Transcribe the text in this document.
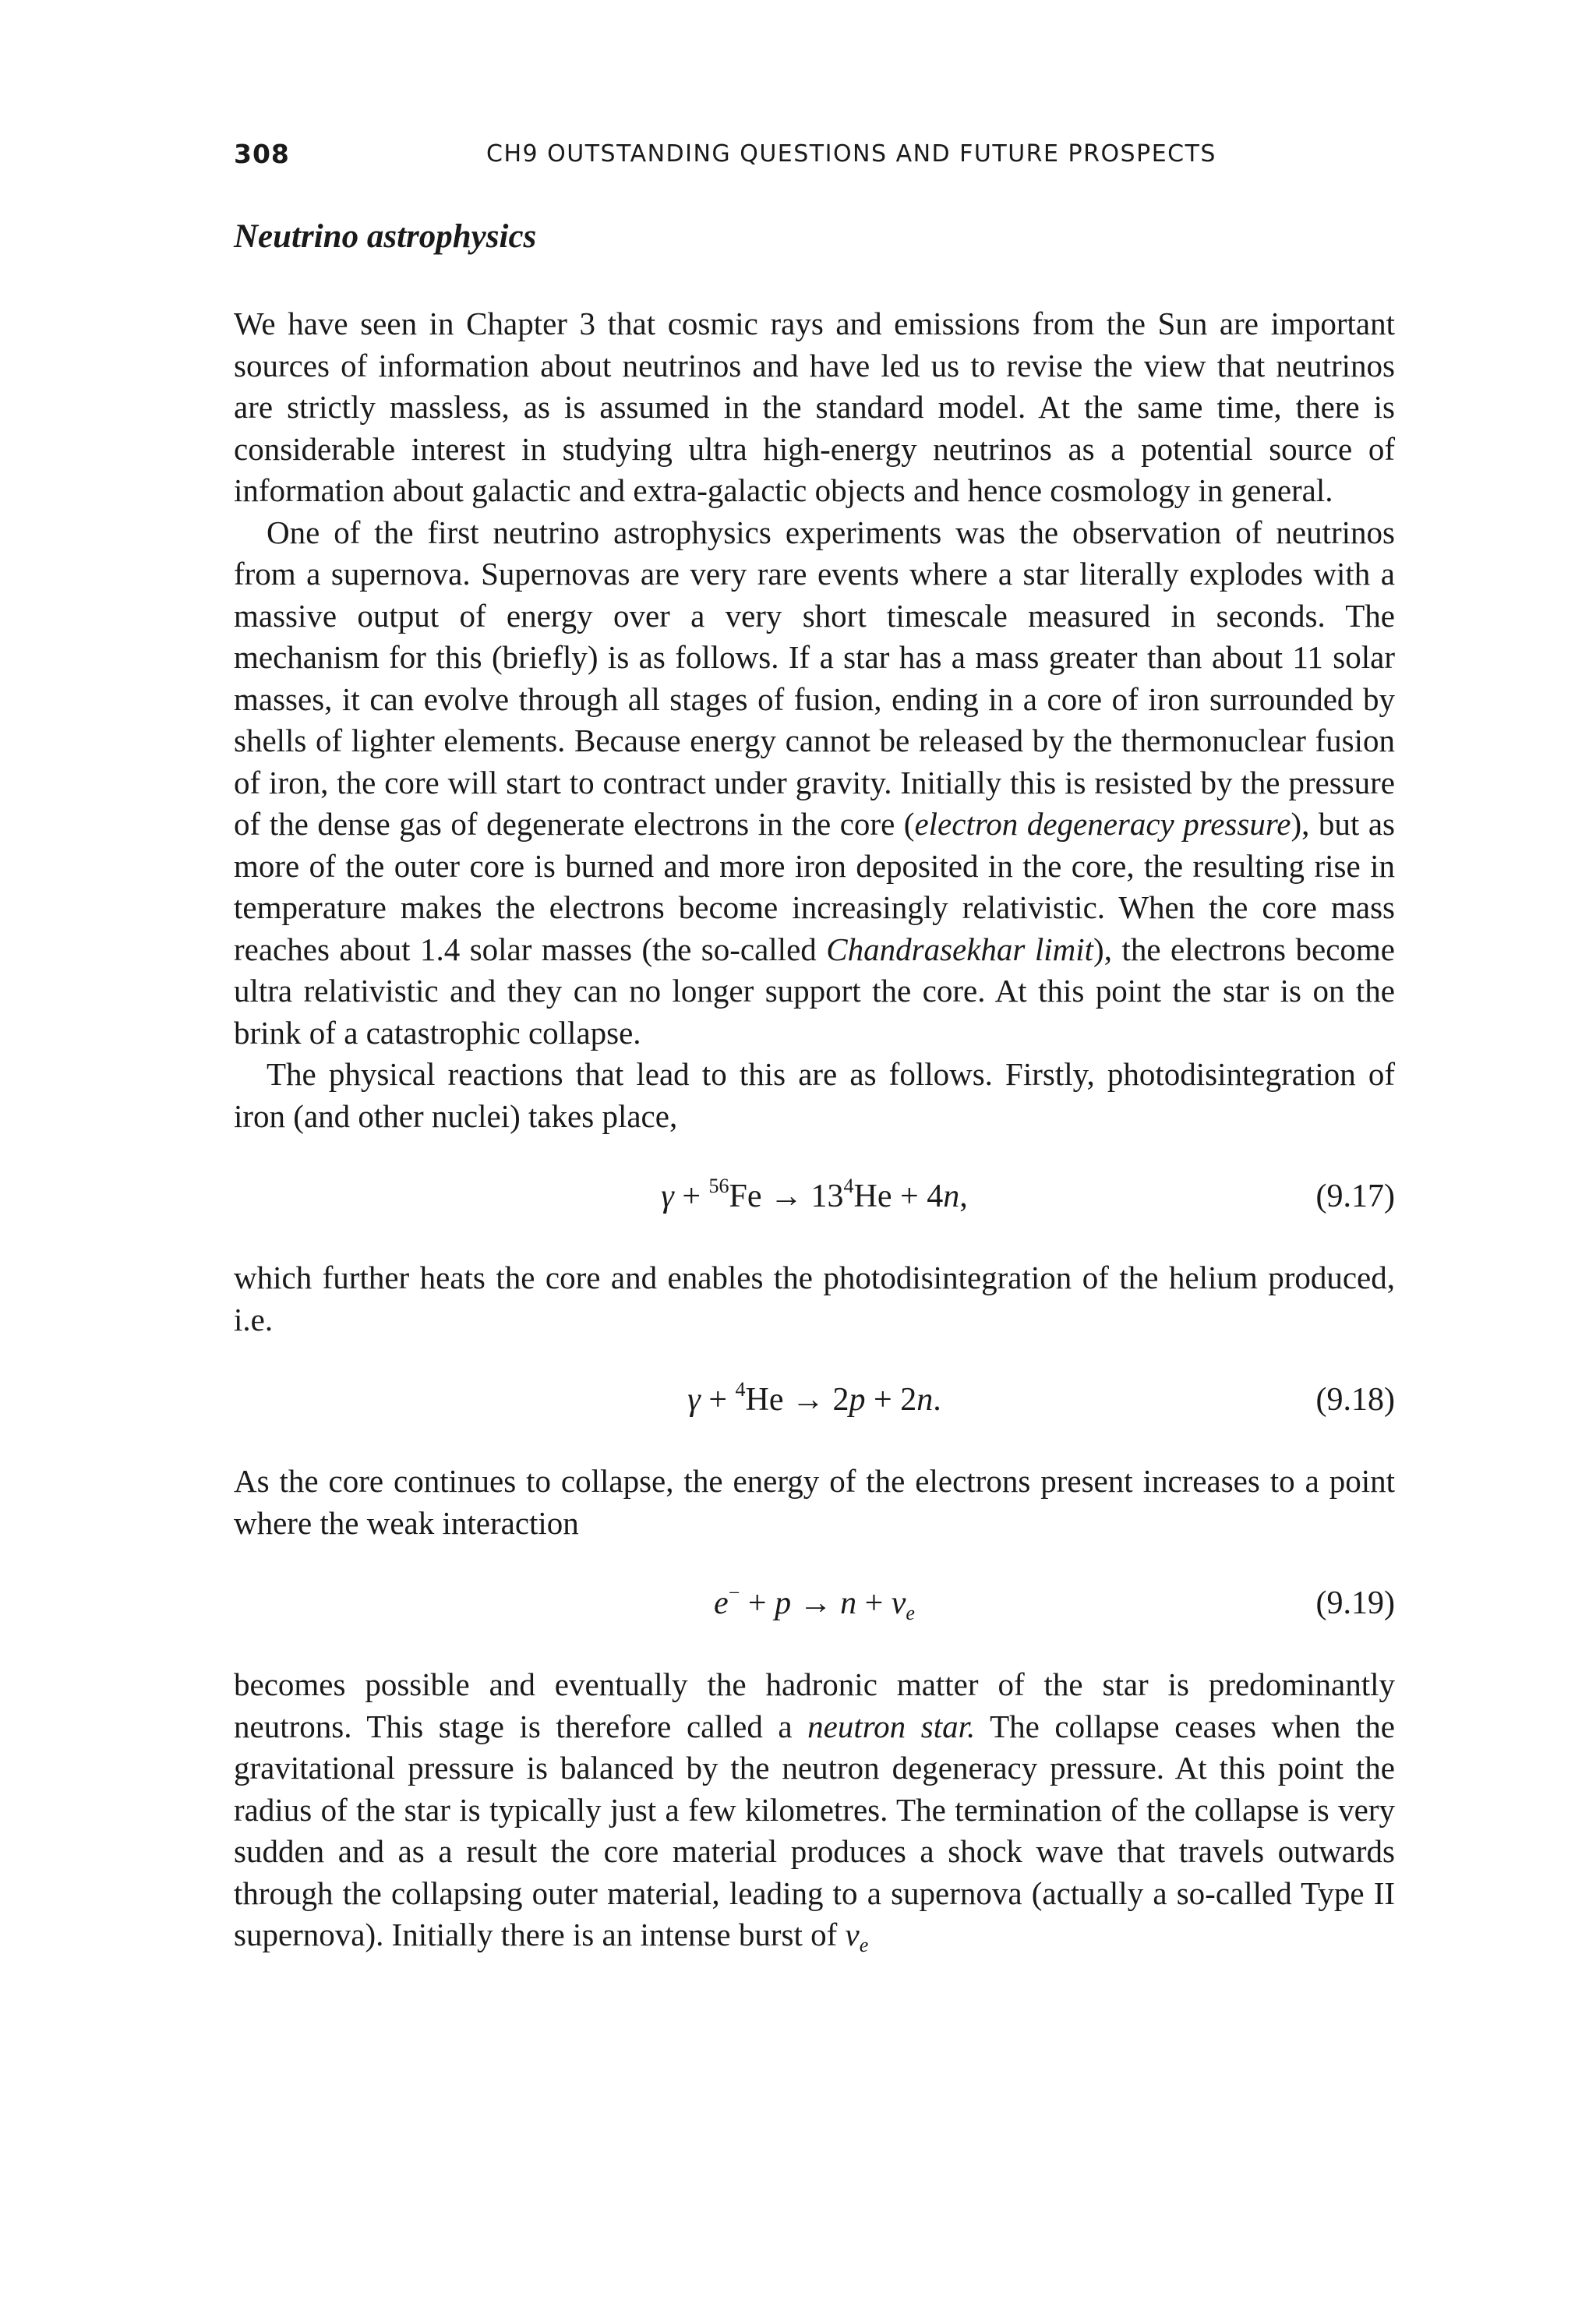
308	CH9 OUTSTANDING QUESTIONS AND FUTURE PROSPECTS
Neutrino astrophysics

We have seen in Chapter 3 that cosmic rays and emissions from the Sun are important sources of information about neutrinos and have led us to revise the view that neutrinos are strictly massless, as is assumed in the standard model. At the same time, there is considerable interest in studying ultra high-energy neutrinos as a potential source of information about galactic and extra-galactic objects and hence cosmology in general.

One of the first neutrino astrophysics experiments was the observation of neutrinos from a supernova. Supernovas are very rare events where a star literally explodes with a massive output of energy over a very short timescale measured in seconds. The mechanism for this (briefly) is as follows. If a star has a mass greater than about 11 solar masses, it can evolve through all stages of fusion, ending in a core of iron surrounded by shells of lighter elements. Because energy cannot be released by the thermonuclear fusion of iron, the core will start to contract under gravity. Initially this is resisted by the pressure of the dense gas of degenerate electrons in the core (electron degeneracy pressure), but as more of the outer core is burned and more iron deposited in the core, the resulting rise in temperature makes the electrons become increasingly relativistic. When the core mass reaches about 1.4 solar masses (the so-called Chandrasekhar limit), the electrons become ultra relativistic and they can no longer support the core. At this point the star is on the brink of a catastrophic collapse.

The physical reactions that lead to this are as follows. Firstly, photodisintegration of iron (and other nuclei) takes place,

$\gamma + ^{56}Fe \to 13^4He + 4n$,	(9.17)

which further heats the core and enables the photodisintegration of the helium produced, i.e.

γ + $^4$He → 2p + 2n.	(9.18)

As the core continues to collapse, the energy of the electrons present increases to a point where the weak interaction

$e^- + p \to n + \nu_e$	(9.19)

becomes possible and eventually the hadronic matter of the star is predominantly neutrons. This stage is therefore called a neutron star. The collapse ceases when the gravitational pressure is balanced by the neutron degeneracy pressure. At this point the radius of the star is typically just a few kilometres. The termination of the collapse is very sudden and as a result the core material produces a shock wave that travels outwards through the collapsing outer material, leading to a supernova (actually a so-called Type II supernova). Initially there is an intense burst of $\nu_e$
